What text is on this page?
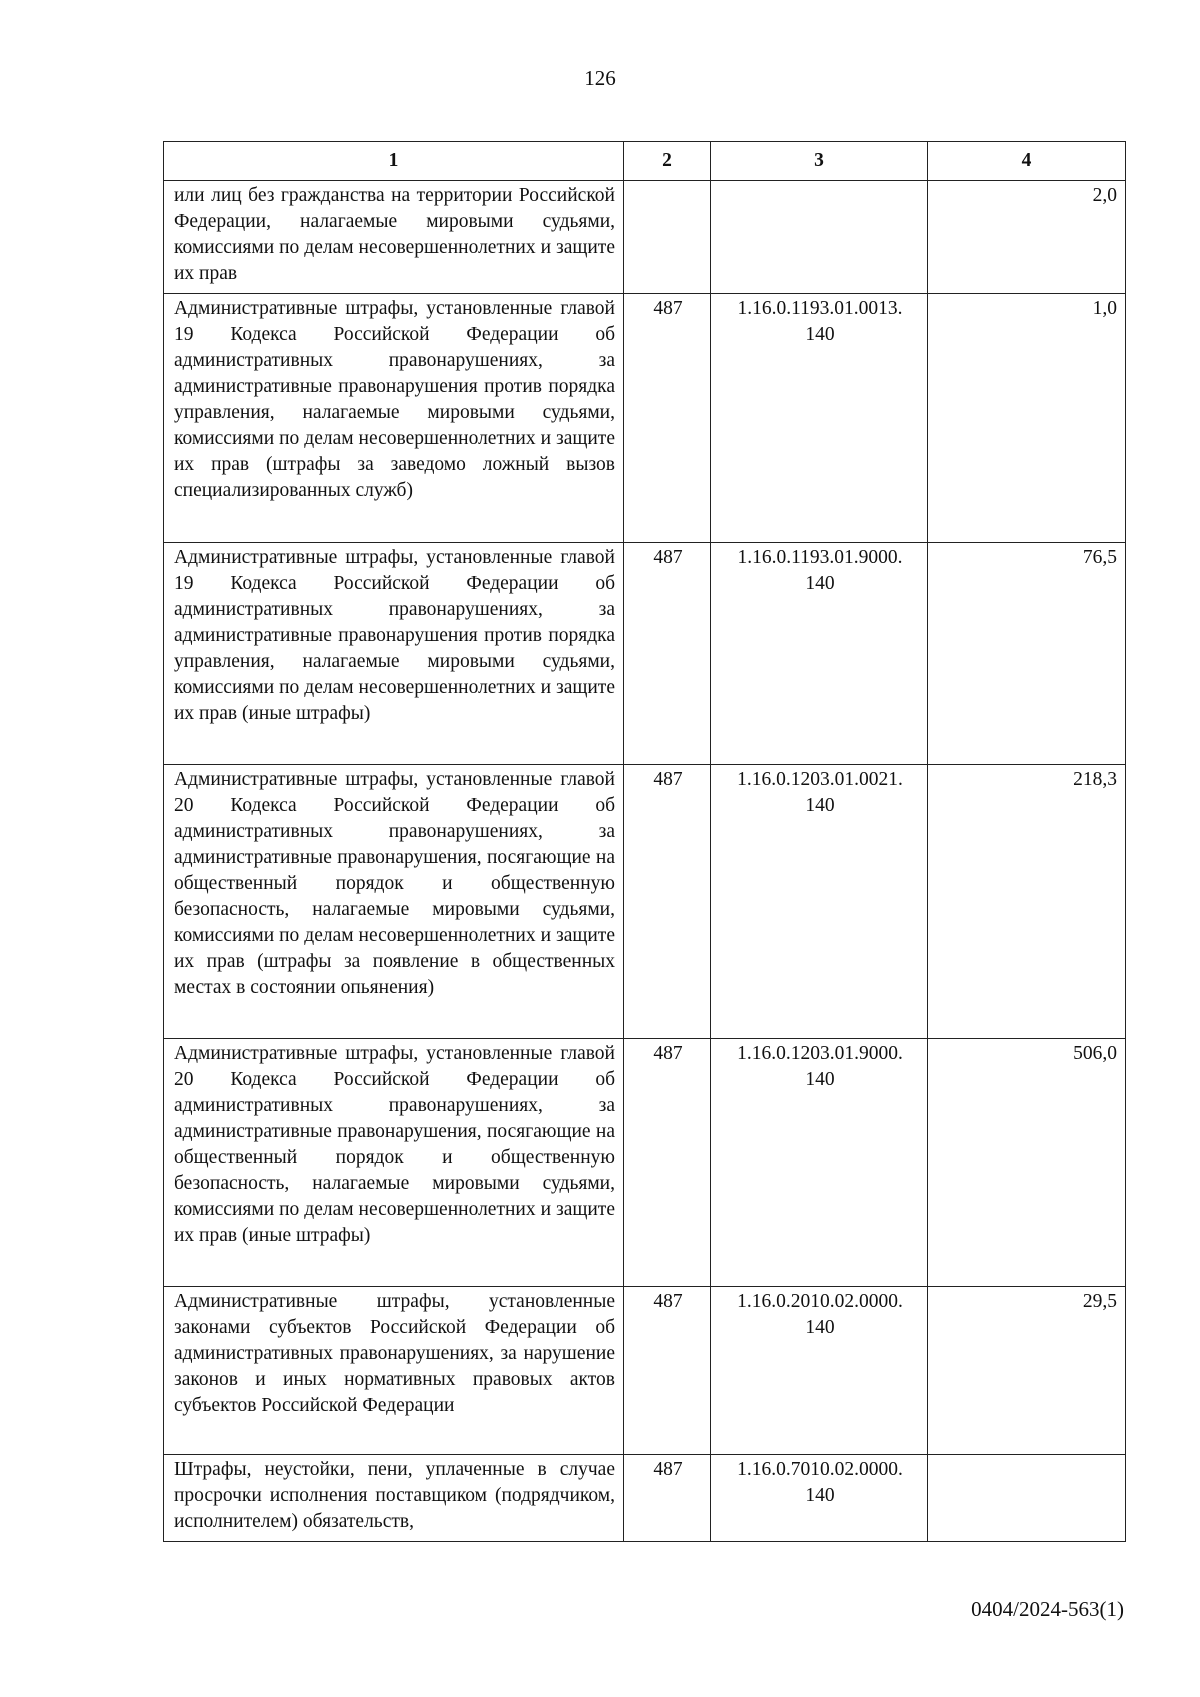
126
1	2	3	4
или лиц без гражданства на территории Российской Федерации, налагаемые мировыми судьями, комиссиями по делам несовершеннолетних и защите их прав			2,0
Административные штрафы, установленные главой 19 Кодекса Российской Федерации об административных правонарушениях, за административные правонарушения против порядка управления, налагаемые мировыми судьями, комиссиями по делам несовершеннолетних и защите их прав (штрафы за заведомо ложный вызов специализированных служб)	487	1.16.0.1193.01.0013. 140	1,0
Административные штрафы, установленные главой 19 Кодекса Российской Федерации об административных правонарушениях, за административные правонарушения против порядка управления, налагаемые мировыми судьями, комиссиями по делам несовершеннолетних и защите их прав (иные штрафы)	487	1.16.0.1193.01.9000. 140	76,5
Административные штрафы, установленные главой 20 Кодекса Российской Федерации об административных правонарушениях, за административные правонарушения, посягающие на общественный порядок и общественную безопасность, налагаемые мировыми судьями, комиссиями по делам несовершеннолетних и защите их прав (штрафы за появление в общественных местах в состоянии опьянения)	487	1.16.0.1203.01.0021. 140	218,3
Административные штрафы, установленные главой 20 Кодекса Российской Федерации об административных правонарушениях, за административные правонарушения, посягающие на общественный порядок и общественную безопасность, налагаемые мировыми судьями, комиссиями по делам несовершеннолетних и защите их прав (иные штрафы)	487	1.16.0.1203.01.9000. 140	506,0
Административные штрафы, установленные законами субъектов Российской Федерации об административных правонарушениях, за нарушение законов и иных нормативных правовых актов субъектов Российской Федерации	487	1.16.0.2010.02.0000. 140	29,5
Штрафы, неустойки, пени, уплаченные в случае просрочки исполнения поставщиком (подрядчиком, исполнителем) обязательств,	487	1.16.0.7010.02.0000. 140	
0404/2024-563(1)
